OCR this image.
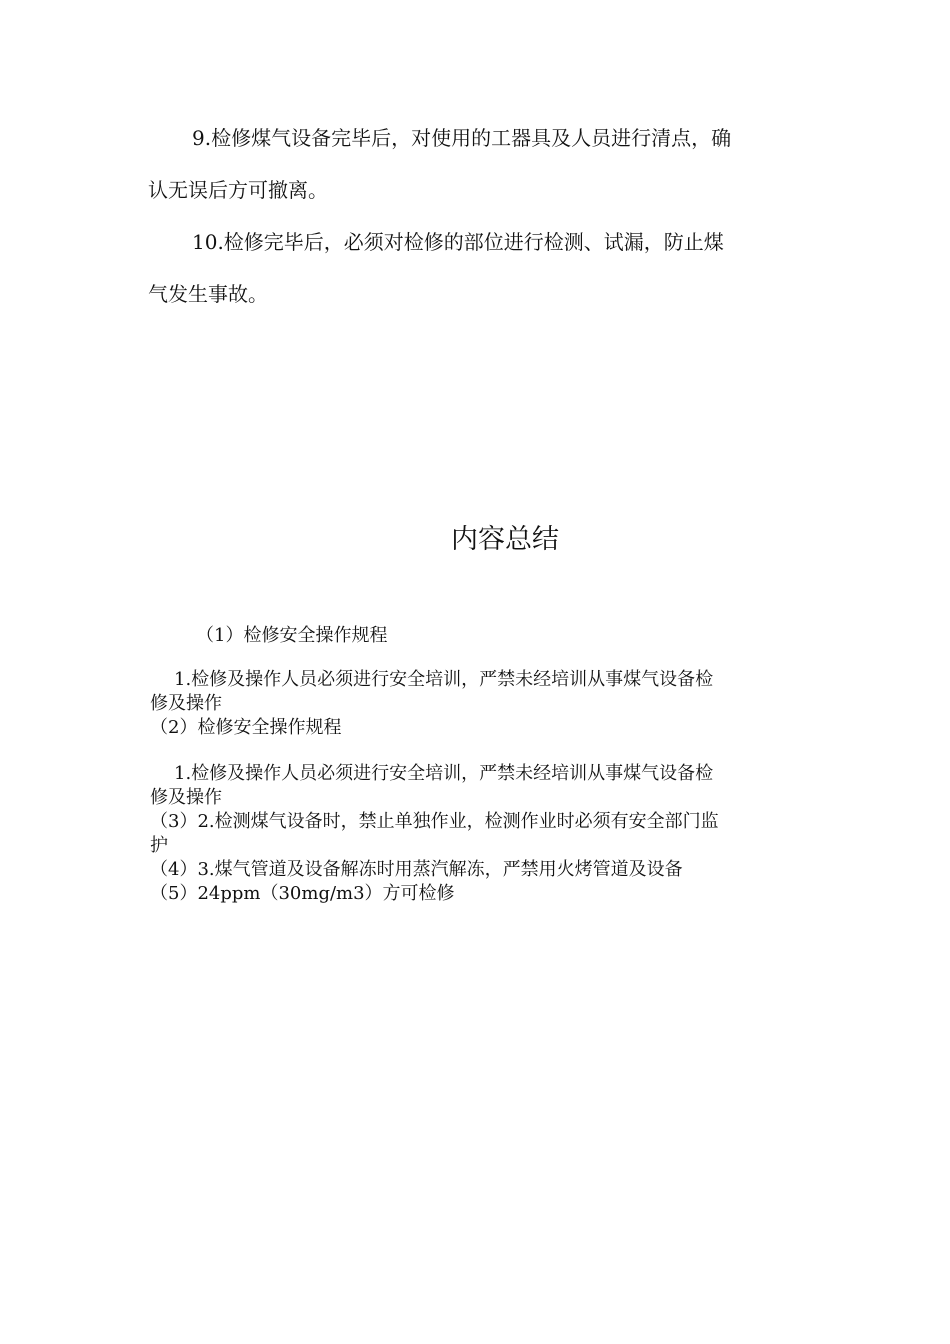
9.检修煤气设备完毕后，对使用的工器具及人员进行清点，确
认无误后方可撤离。

10.检修完毕后，必须对检修的部位进行检测、试漏，防止煤
气发生事故。

内容总结
（1）检修安全操作规程
1.检修及操作人员必须进行安全培训，严禁未经培训从事煤气设备检
修及操作
（2）检修安全操作规程
1.检修及操作人员必须进行安全培训，严禁未经培训从事煤气设备检
修及操作
（3）2.检测煤气设备时，禁止单独作业，检测作业时必须有安全部门监
护
（4）3.煤气管道及设备解冻时用蒸汽解冻，严禁用火烤管道及设备
（5）24ppm（30mg/m3）方可检修
